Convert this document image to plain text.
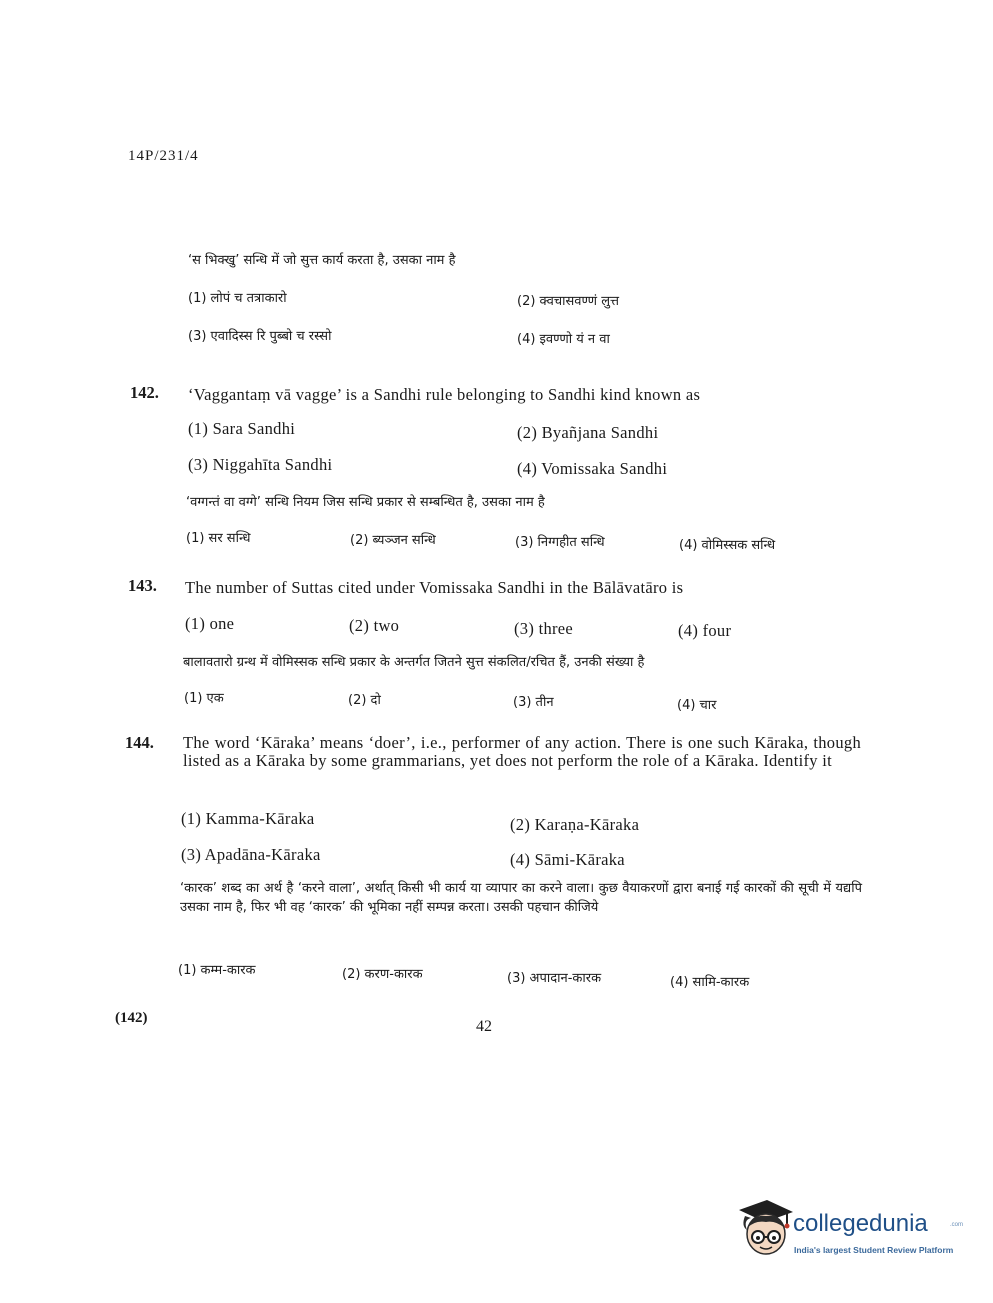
14P/231/4
‘स भिक्खु’ सन्धि में जो सुत्त कार्य करता है, उसका नाम है
(1) लोपं च तत्राकारो	(2) क्वचासवण्णं लुत्त
(3) एवादिस्स रि पुब्बो च रस्सो	(4) इवण्णो यं न वा
142. ‘Vaggantaṃ vā vagge’ is a Sandhi rule belonging to Sandhi kind known as
(1) Sara Sandhi	(2) Byañjana Sandhi
(3) Niggahīta Sandhi	(4) Vomissaka Sandhi
‘वग्गन्तं वा वग्गे’ सन्धि नियम जिस सन्धि प्रकार से सम्बन्धित है, उसका नाम है
(1) सर सन्धि	(2) ब्यञ्जन सन्धि	(3) निग्गहीत सन्धि	(4) वोमिस्सक सन्धि
143. The number of Suttas cited under Vomissaka Sandhi in the Bālāvatāro is
(1) one	(2) two	(3) three	(4) four
बालावतारो ग्रन्थ में वोमिस्सक सन्धि प्रकार के अन्तर्गत जितने सुत्त संकलित/रचित हैं, उनकी संख्या है
(1) एक	(2) दो	(3) तीन	(4) चार
144. The word ‘Kāraka’ means ‘doer’, i.e., performer of any action. There is one such Kāraka, though listed as a Kāraka by some grammarians, yet does not perform the role of a Kāraka. Identify it
(1) Kamma-Kāraka	(2) Karaṇa-Kāraka
(3) Apadāna-Kāraka	(4) Sāmi-Kāraka
‘कारक’ शब्द का अर्थ है ‘करने वाला’, अर्थात् किसी भी कार्य या व्यापार का करने वाला। कुछ वैयाकरणों द्वारा बनाई गई कारकों की सूची में यद्यपि उसका नाम है, फिर भी वह ‘कारक’ की भूमिका नहीं सम्पन्न करता। उसकी पहचान कीजिये
(1) कम्म-कारक	(2) करण-कारक	(3) अपादान-कारक	(4) सामि-कारक
(142)	42
collegedunia	.com
India's largest Student Review Platform
